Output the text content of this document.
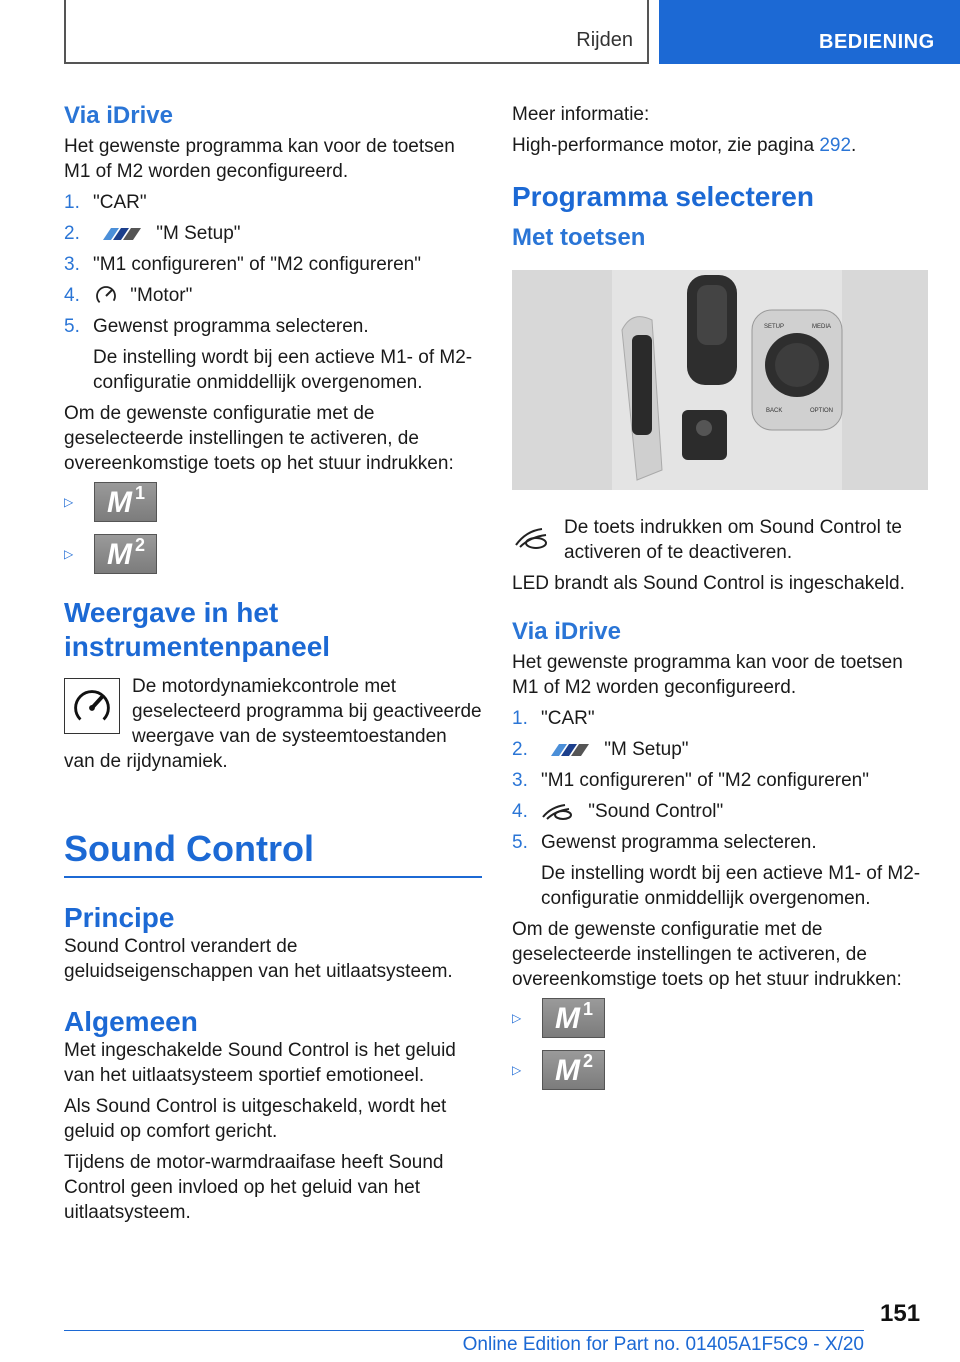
Rijden	BEDIENING
Via iDrive

Het gewenste programma kan voor de toetsen M1 of M2 worden geconfigureerd.

1. "CAR"
2.	"M Setup"
3. "M1 configureren" of "M2 configureren"
4.	"Motor"
5. Gewenst programma selecteren.
De instelling wordt bij een actieve M1- of M2-configuratie onmiddellijk overgenomen.

Om de gewenste configuratie met de geselecteerde instellingen te activeren, de overeenkomstige toets op het stuur indrukken:

▷	M 1
▷	M 2
Weergave in het instrumentenpaneel

De motordynamiekcontrole met geselecteerd programma bij geactiveerde weergave van de systeemtoestanden van de rijdynamiek.

Sound Control
Principe

Sound Control verandert de geluidseigenschappen van het uitlaatsysteem.

Algemeen

Met ingeschakelde Sound Control is het geluid van het uitlaatsysteem sportief emotioneel.

Als Sound Control is uitgeschakeld, wordt het geluid op comfort gericht.

Tijdens de motor-warmdraaifase heeft Sound Control geen invloed op het geluid van het uitlaatsysteem.

Meer informatie:

High-performance motor, zie pagina 292.

Programma selecteren
Met toetsen
SETUP	MEDIA
BACK	OPTION

De toets indrukken om Sound Control te activeren of te deactiveren.

LED brandt als Sound Control is ingeschakeld.

Via iDrive

Het gewenste programma kan voor de toetsen M1 of M2 worden geconfigureerd.

1. "CAR"
2.	"M Setup"
3. "M1 configureren" of "M2 configureren"
4.	"Sound Control"
5. Gewenst programma selecteren.
De instelling wordt bij een actieve M1- of M2-configuratie onmiddellijk overgenomen.

Om de gewenste configuratie met de geselecteerde instellingen te activeren, de overeenkomstige toets op het stuur indrukken:

▷	M 1
▷	M 2
151
Online Edition for Part no. 01405A1F5C9 - X/20
